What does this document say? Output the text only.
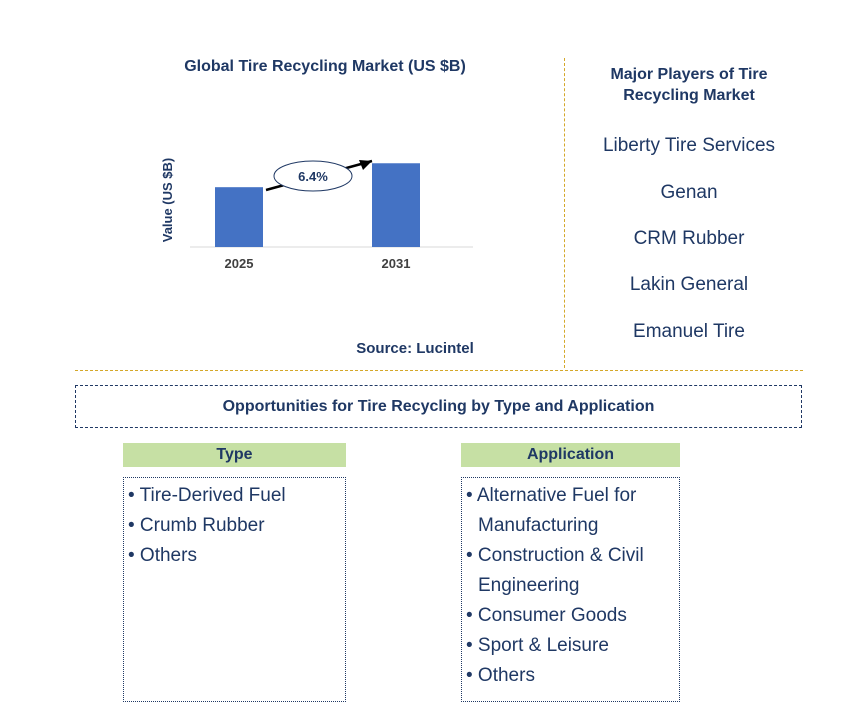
Global Tire Recycling Market (US $B)
Value (US $B)
2025	2031
6.4%
Source: Lucintel
Major Players of Tire Recycling Market
Liberty Tire Services
Genan
CRM Rubber
Lakin General
Emanuel Tire
Opportunities for Tire Recycling by Type and Application
Type
• Tire-Derived Fuel
• Crumb Rubber
• Others
Application
• Alternative Fuel for Manufacturing
• Construction & Civil Engineering
• Consumer Goods
• Sport & Leisure
• Others
